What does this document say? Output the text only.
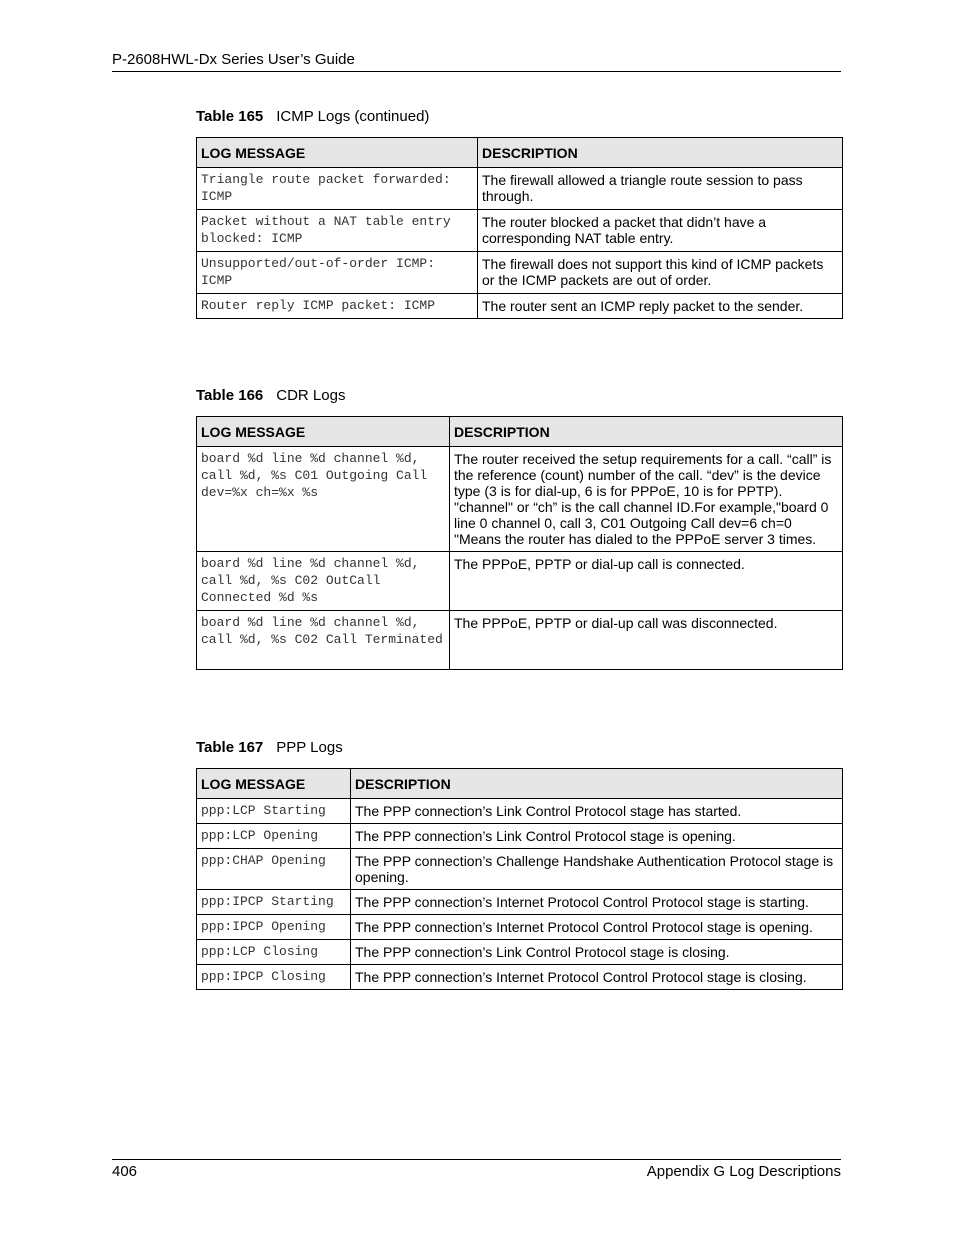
P-2608HWL-Dx Series User’s Guide
Table 165 ICMP Logs (continued)
LOG MESSAGE	DESCRIPTION
Triangle route packet forwarded: ICMP	The firewall allowed a triangle route session to pass through.
Packet without a NAT table entry blocked: ICMP	The router blocked a packet that didn’t have a corresponding NAT table entry.
Unsupported/out-of-order ICMP: ICMP	The firewall does not support this kind of ICMP packets or the ICMP packets are out of order.
Router reply ICMP packet: ICMP	The router sent an ICMP reply packet to the sender.
Table 166 CDR Logs
LOG MESSAGE	DESCRIPTION
board %d line %d channel %d, call %d, %s C01 Outgoing Call dev=%x ch=%x %s	The router received the setup requirements for a call. “call” is the reference (count) number of the call. “dev” is the device type (3 is for dial-up, 6 is for PPPoE, 10 is for PPTP). "channel" or “ch” is the call channel ID.For example,"board 0 line 0 channel 0, call 3, C01 Outgoing Call dev=6 ch=0 "Means the router has dialed to the PPPoE server 3 times.
board %d line %d channel %d, call %d, %s C02 OutCall Connected %d %s	The PPPoE, PPTP or dial-up call is connected.
board %d line %d channel %d, call %d, %s C02 Call Terminated	The PPPoE, PPTP or dial-up call was disconnected.
Table 167 PPP Logs
LOG MESSAGE	DESCRIPTION
ppp:LCP Starting	The PPP connection’s Link Control Protocol stage has started.
ppp:LCP Opening	The PPP connection’s Link Control Protocol stage is opening.
ppp:CHAP Opening	The PPP connection’s Challenge Handshake Authentication Protocol stage is opening.
ppp:IPCP Starting	The PPP connection’s Internet Protocol Control Protocol stage is starting.
ppp:IPCP Opening	The PPP connection’s Internet Protocol Control Protocol stage is opening.
ppp:LCP Closing	The PPP connection’s Link Control Protocol stage is closing.
ppp:IPCP Closing	The PPP connection’s Internet Protocol Control Protocol stage is closing.
406	Appendix G Log Descriptions
